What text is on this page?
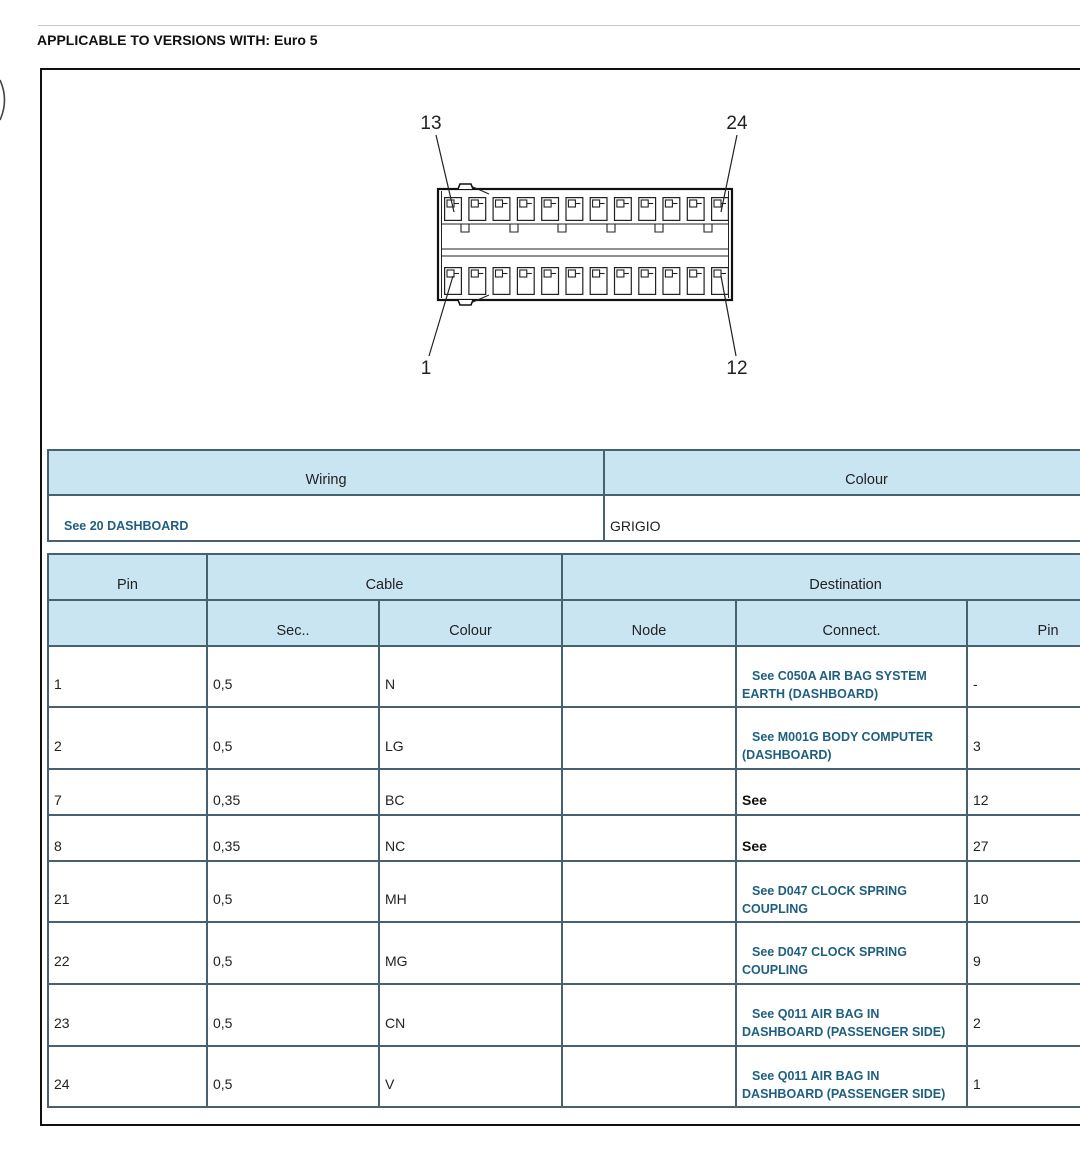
APPLICABLE TO VERSIONS WITH: Euro 5
13	24
1	12
Wiring	Colour
See 20 DASHBOARD	GRIGIO
Pin	Cable		Destination		
	Sec..	Colour	Node	Connect.	Pin
1	0,5	N		See C050A AIR BAG SYSTEM EARTH (DASHBOARD)	-
2	0,5	LG		See M001G BODY COMPUTER (DASHBOARD)	3
7	0,35	BC		See	12
8	0,35	NC		See	27
21	0,5	MH		See D047 CLOCK SPRING COUPLING	10
22	0,5	MG		See D047 CLOCK SPRING COUPLING	9
23	0,5	CN		See Q011 AIR BAG IN DASHBOARD (PASSENGER SIDE)	2
24	0,5	V		See Q011 AIR BAG IN DASHBOARD (PASSENGER SIDE)	1
